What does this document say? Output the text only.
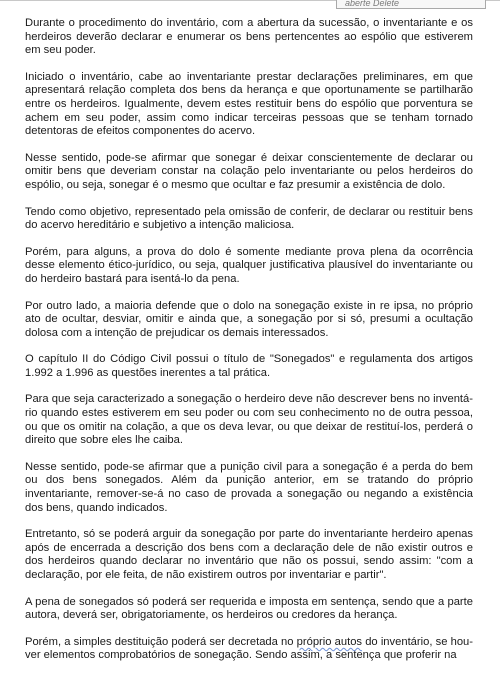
aberte Delete

Durante o procedimento do inventário, com a abertura da sucessão, o inventariante e os herdeiros deverão declarar e enumerar os bens pertencentes ao espólio que estiverem em seu poder.

Iniciado o inventário, cabe ao inventariante prestar declarações preliminares, em que apresentará relação completa dos bens da herança e que oportunamente se partilharão entre os herdeiros. Igualmente, devem estes restituir bens do espólio que porventura se achem em seu poder, assim como indicar terceiras pessoas que se tenham tornado detentoras de efeitos componentes do acervo.

Nesse sentido, pode-se afirmar que sonegar é deixar conscientemente de declarar ou omitir bens que deveriam constar na colação pelo inventariante ou pelos herdeiros do espólio, ou seja, sonegar é o mesmo que ocultar e faz presumir a existência de dolo.

Tendo como objetivo, representado pela omissão de conferir, de declarar ou restituir bens do acervo hereditário e subjetivo a intenção maliciosa.

Porém, para alguns, a prova do dolo é somente mediante prova plena da ocorrência desse elemento ético-jurídico, ou seja, qualquer justificativa plausível do inventariante ou do herdeiro bastará para isentá-lo da pena.

Por outro lado, a maioria defende que o dolo na sonegação existe in re ipsa, no próprio ato de ocultar, desviar, omitir e ainda que, a sonegação por si só, presumi a ocultação dolosa com a intenção de prejudicar os demais interessados.

O capítulo II do Código Civil possui o título de "Sonegados" e regulamenta dos artigos 1.992 a 1.996 as questões inerentes a tal prática.

Para que seja caracterizado a sonegação o herdeiro deve não descrever bens no inventário quando estes estiverem em seu poder ou com seu conhecimento no de outra pessoa, ou que os omitir na colação, a que os deva levar, ou que deixar de restituí-los, perderá o direito que sobre eles lhe caiba.

Nesse sentido, pode-se afirmar que a punição civil para a sonegação é a perda do bem ou dos bens sonegados. Além da punição anterior, em se tratando do próprio inventariante, remover-se-á no caso de provada a sonegação ou negando a existência dos bens, quando indicados.

Entretanto, só se poderá arguir da sonegação por parte do inventariante herdeiro apenas após de encerrada a descrição dos bens com a declaração dele de não existir outros e dos herdeiros quando declarar no inventário que não os possui, sendo assim: "com a declaração, por ele feita, de não existirem outros por inventariar e partir".

A pena de sonegados só poderá ser requerida e imposta em sentença, sendo que a parte autora, deverá ser, obrigatoriamente, os herdeiros ou credores da herança.

Porém, a simples destituição poderá ser decretada no próprio autos do inventário, se houver elementos comprobatórios de sonegação. Sendo assim, a sentença que proferir na
